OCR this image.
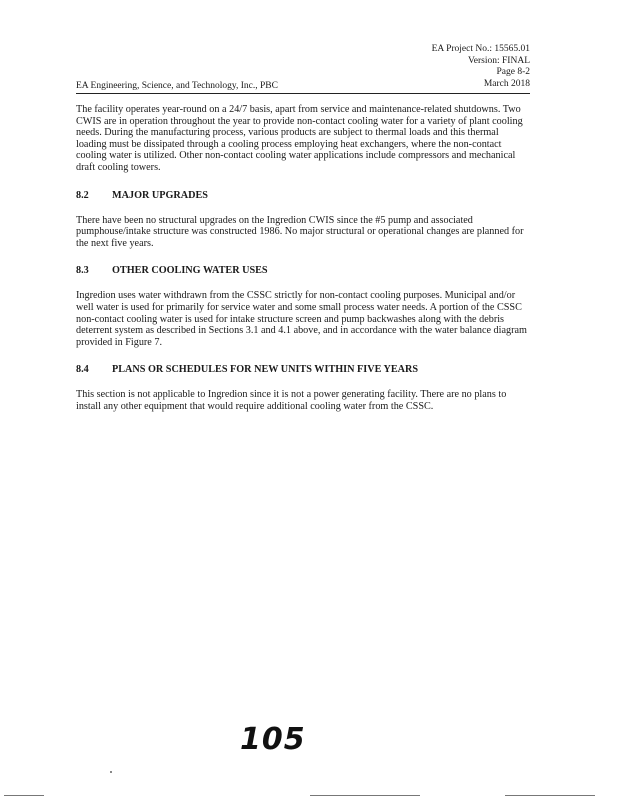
EA Project No.: 15565.01
Version: FINAL
Page 8-2
March 2018
EA Engineering, Science, and Technology, Inc., PBC

The facility operates year-round on a 24/7 basis, apart from service and maintenance-related shutdowns. Two CWIS are in operation throughout the year to provide non-contact cooling water for a variety of plant cooling needs. During the manufacturing process, various products are subject to thermal loads and this thermal loading must be dissipated through a cooling process employing heat exchangers, where the non-contact cooling water is utilized. Other non-contact cooling water applications include compressors and mechanical draft cooling towers.

8.2 MAJOR UPGRADES

There have been no structural upgrades on the Ingredion CWIS since the #5 pump and associated pumphouse/intake structure was constructed 1986. No major structural or operational changes are planned for the next five years.

8.3 OTHER COOLING WATER USES

Ingredion uses water withdrawn from the CSSC strictly for non-contact cooling purposes. Municipal and/or well water is used for primarily for service water and some small process water needs. A portion of the CSSC non-contact cooling water is used for intake structure screen and pump backwashes along with the debris deterrent system as described in Sections 3.1 and 4.1 above, and in accordance with the water balance diagram provided in Figure 7.

8.4 PLANS OR SCHEDULES FOR NEW UNITS WITHIN FIVE YEARS

This section is not applicable to Ingredion since it is not a power generating facility. There are no plans to install any other equipment that would require additional cooling water from the CSSC.

105
